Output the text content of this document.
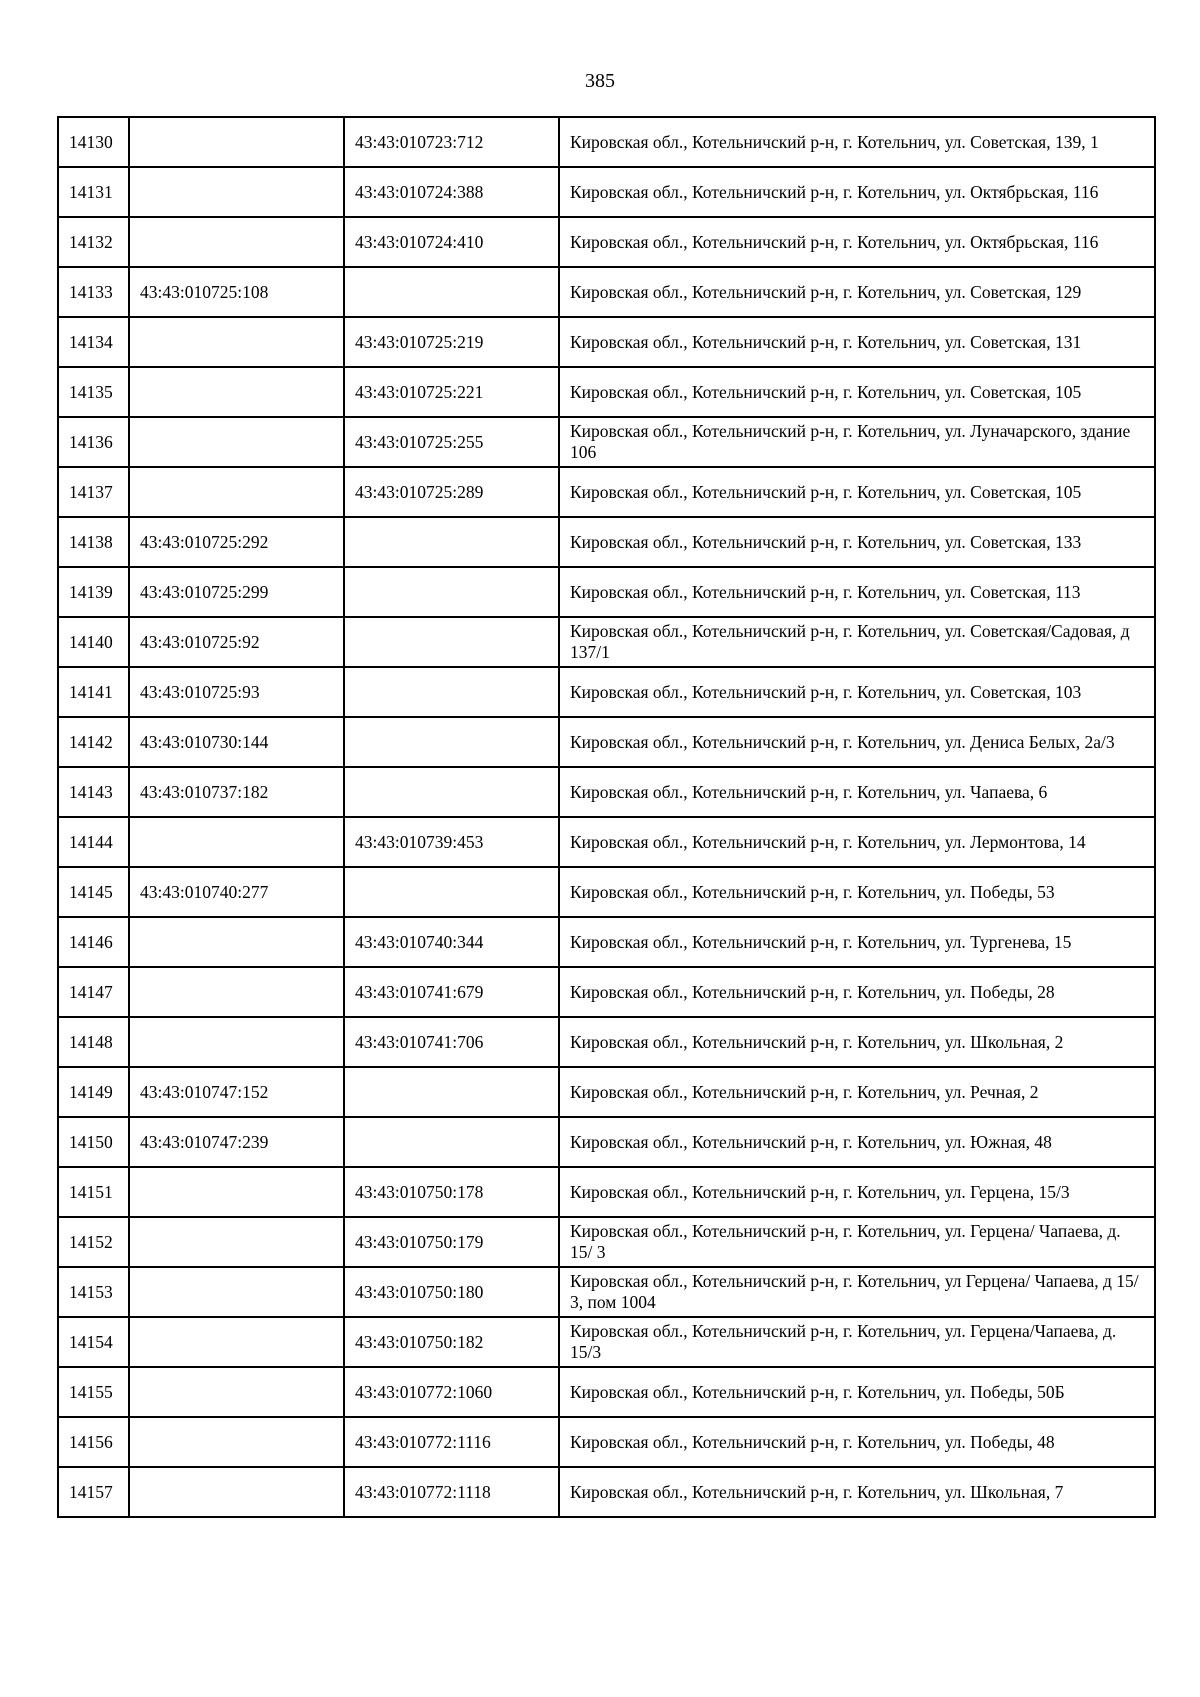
385
14130		43:43:010723:712	Кировская обл., Котельничский р-н, г. Котельнич, ул. Советская, 139, 1
14131		43:43:010724:388	Кировская обл., Котельничский р-н, г. Котельнич, ул. Октябрьская, 116
14132		43:43:010724:410	Кировская обл., Котельничский р-н, г. Котельнич, ул. Октябрьская, 116
14133	43:43:010725:108		Кировская обл., Котельничский р-н, г. Котельнич, ул. Советская, 129
14134		43:43:010725:219	Кировская обл., Котельничский р-н, г. Котельнич, ул. Советская, 131
14135		43:43:010725:221	Кировская обл., Котельничский р-н, г. Котельнич, ул. Советская, 105
14136		43:43:010725:255	Кировская обл., Котельничский р-н, г. Котельнич, ул. Луначарского, здание 106
14137		43:43:010725:289	Кировская обл., Котельничский р-н, г. Котельнич, ул. Советская, 105
14138	43:43:010725:292		Кировская обл., Котельничский р-н, г. Котельнич, ул. Советская, 133
14139	43:43:010725:299		Кировская обл., Котельничский р-н, г. Котельнич, ул. Советская, 113
14140	43:43:010725:92		Кировская обл., Котельничский р-н, г. Котельнич, ул. Советская/Садовая, д 137/1
14141	43:43:010725:93		Кировская обл., Котельничский р-н, г. Котельнич, ул. Советская, 103
14142	43:43:010730:144		Кировская обл., Котельничский р-н, г. Котельнич, ул. Денисa Белых, 2а/3
14143	43:43:010737:182		Кировская обл., Котельничский р-н, г. Котельнич, ул. Чапаева, 6
14144		43:43:010739:453	Кировская обл., Котельничский р-н, г. Котельнич, ул. Лермонтова, 14
14145	43:43:010740:277		Кировская обл., Котельничский р-н, г. Котельнич, ул. Победы, 53
14146		43:43:010740:344	Кировская обл., Котельничский р-н, г. Котельнич, ул. Тургенева, 15
14147		43:43:010741:679	Кировская обл., Котельничский р-н, г. Котельнич, ул. Победы, 28
14148		43:43:010741:706	Кировская обл., Котельничский р-н, г. Котельнич, ул. Школьная, 2
14149	43:43:010747:152		Кировская обл., Котельничский р-н, г. Котельнич, ул. Речная, 2
14150	43:43:010747:239		Кировская обл., Котельничский р-н, г. Котельнич, ул. Южная, 48
14151		43:43:010750:178	Кировская обл., Котельничский р-н, г. Котельнич, ул. Герцена, 15/3
14152		43:43:010750:179	Кировская обл., Котельничский р-н, г. Котельнич, ул. Герцена/ Чапаева, д. 15/ 3
14153		43:43:010750:180	Кировская обл., Котельничский р-н, г. Котельнич, ул Герцена/ Чапаева, д 15/ 3, пом 1004
14154		43:43:010750:182	Кировская обл., Котельничский р-н, г. Котельнич, ул. Герцена/Чапаева, д. 15/3
14155		43:43:010772:1060	Кировская обл., Котельничский р-н, г. Котельнич, ул. Победы, 50Б
14156		43:43:010772:1116	Кировская обл., Котельничский р-н, г. Котельнич, ул. Победы, 48
14157		43:43:010772:1118	Кировская обл., Котельничский р-н, г. Котельнич, ул. Школьная, 7
